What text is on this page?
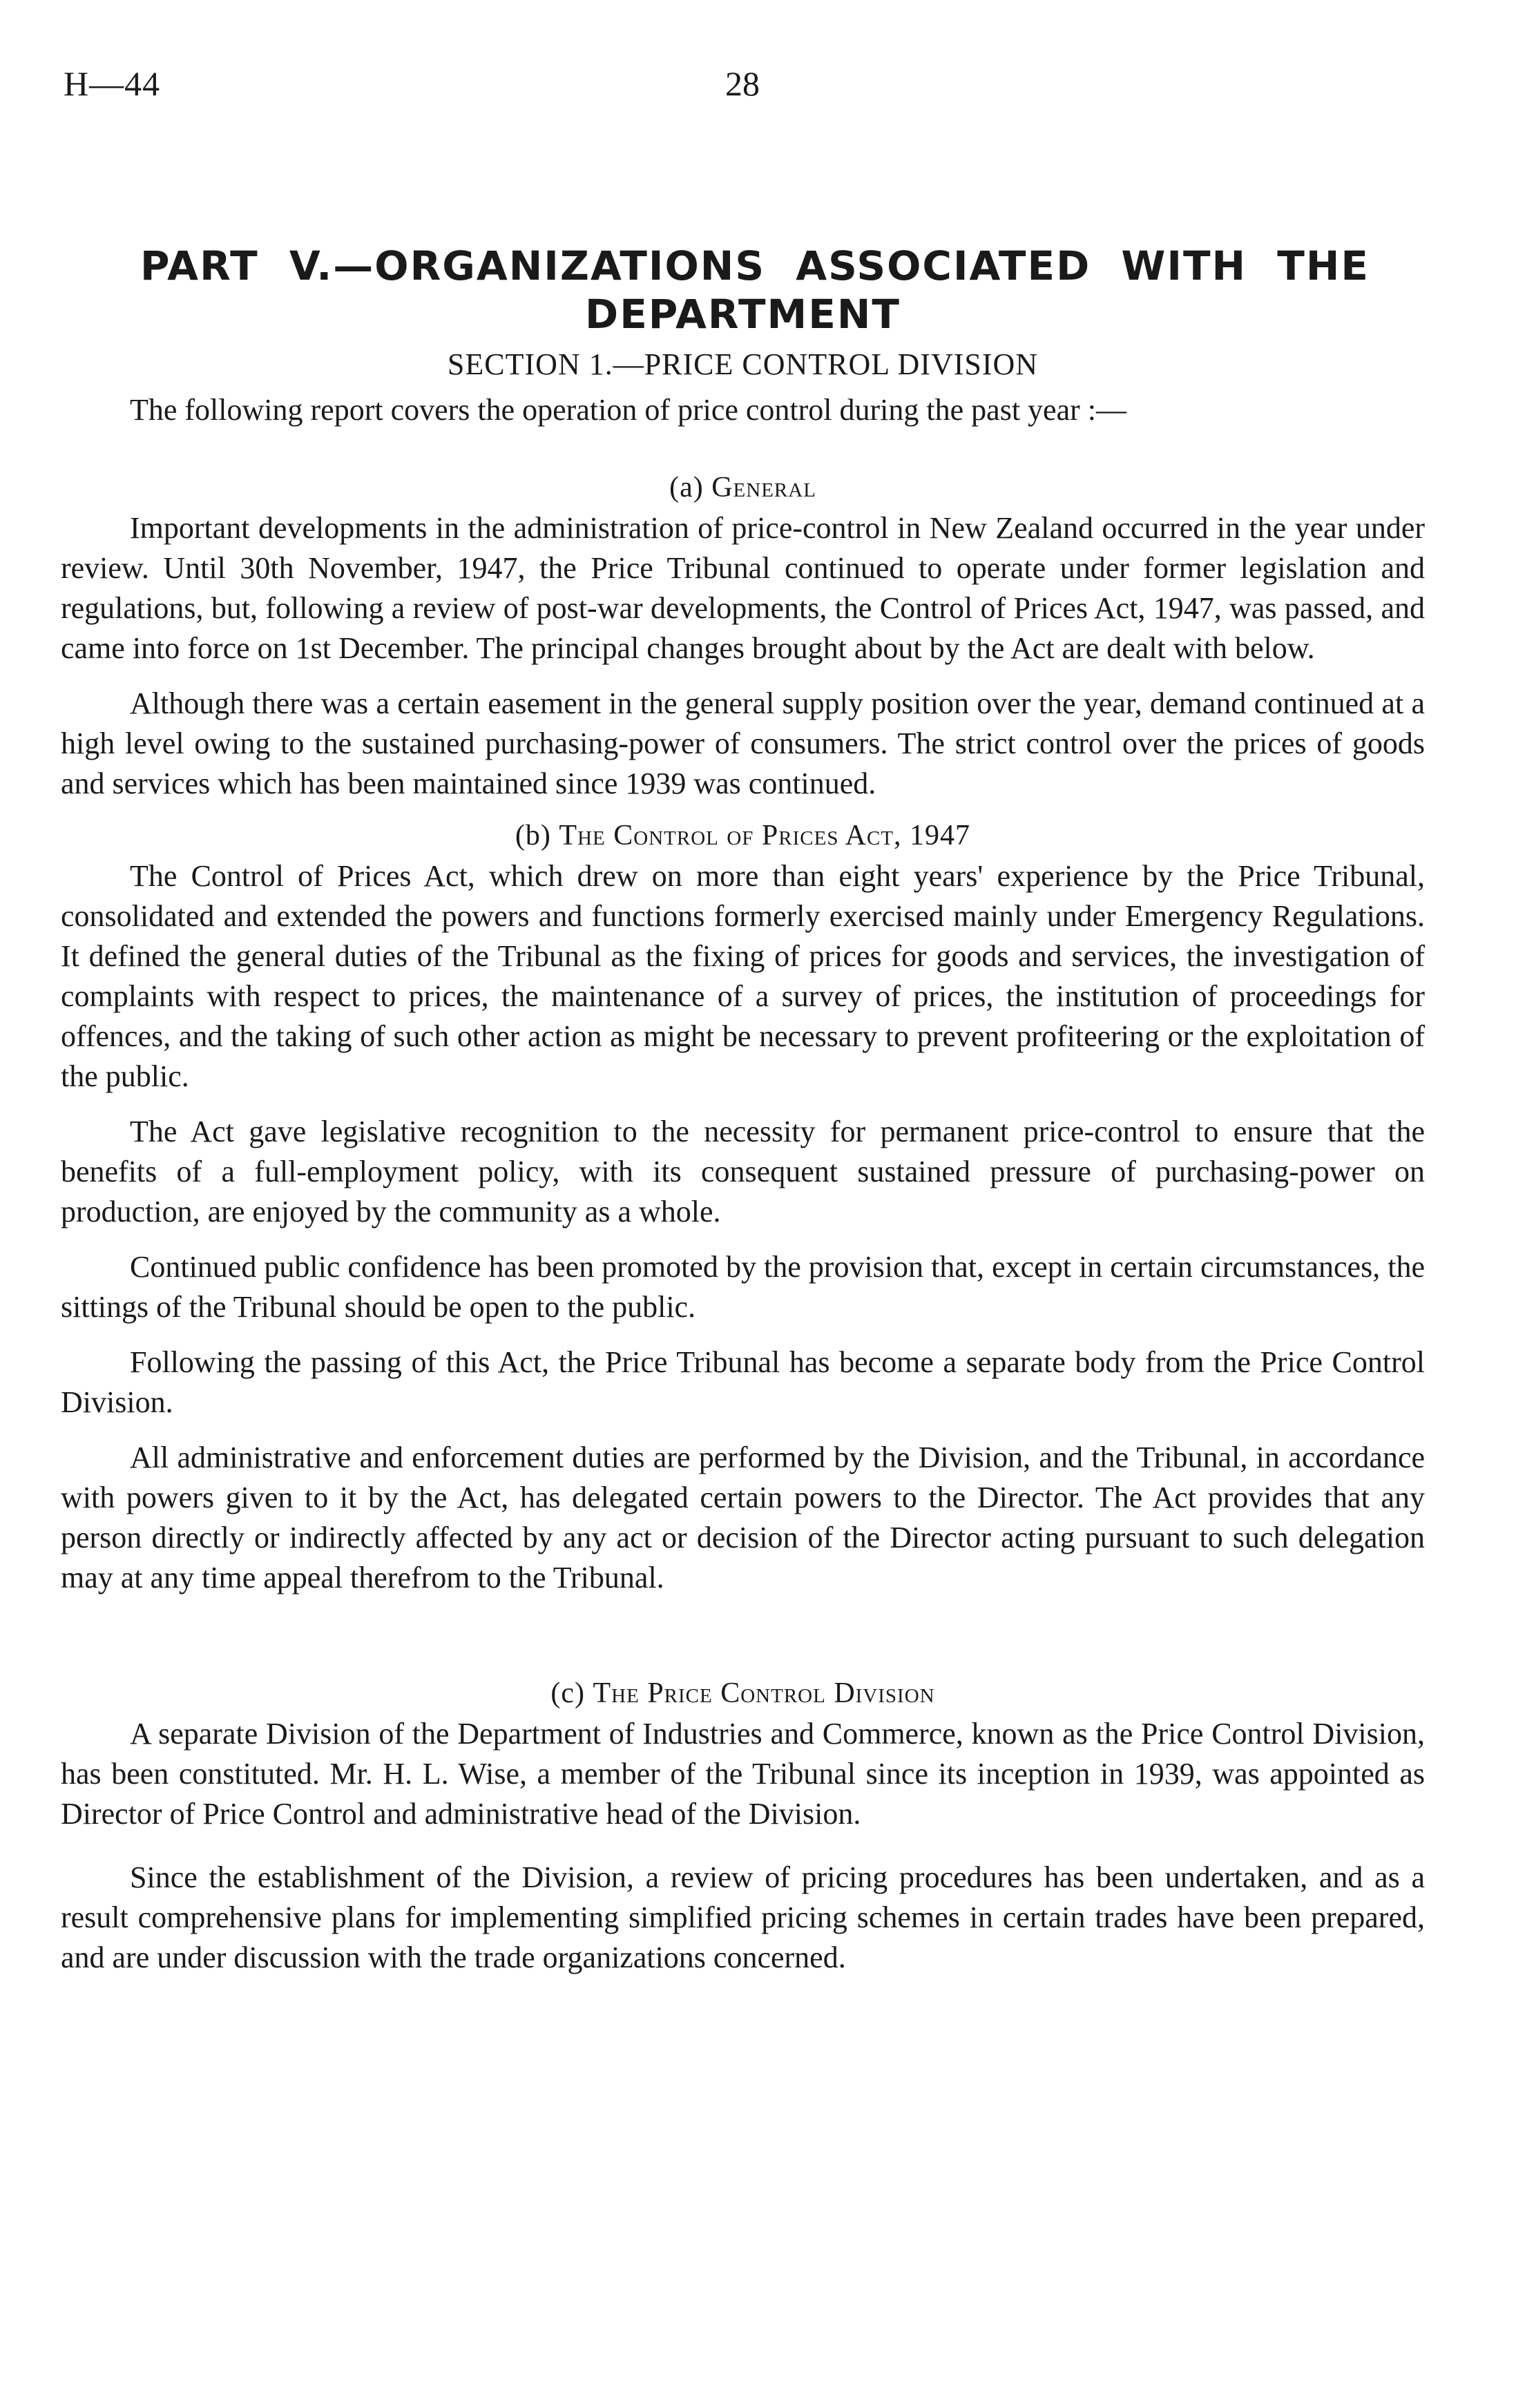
H—44	28
PART V.—ORGANIZATIONS ASSOCIATED WITH THE
DEPARTMENT
SECTION 1.—PRICE CONTROL DIVISION

The following report covers the operation of price control during the past year :—

(a) General

Important developments in the administration of price-control in New Zealand occurred in the year under review. Until 30th November, 1947, the Price Tribunal continued to operate under former legislation and regulations, but, following a review of post-war developments, the Control of Prices Act, 1947, was passed, and came into force on 1st December. The principal changes brought about by the Act are dealt with below.

Although there was a certain easement in the general supply position over the year, demand continued at a high level owing to the sustained purchasing-power of consumers. The strict control over the prices of goods and services which has been maintained since 1939 was continued.

(b) The Control of Prices Act, 1947

The Control of Prices Act, which drew on more than eight years' experience by the Price Tribunal, consolidated and extended the powers and functions formerly exercised mainly under Emergency Regulations. It defined the general duties of the Tribunal as the fixing of prices for goods and services, the investigation of complaints with respect to prices, the maintenance of a survey of prices, the institution of proceedings for offences, and the taking of such other action as might be necessary to prevent profiteering or the exploitation of the public.

The Act gave legislative recognition to the necessity for permanent price-control to ensure that the benefits of a full-employment policy, with its consequent sustained pressure of purchasing-power on production, are enjoyed by the community as a whole.

Continued public confidence has been promoted by the provision that, except in certain circumstances, the sittings of the Tribunal should be open to the public.

Following the passing of this Act, the Price Tribunal has become a separate body from the Price Control Division.

All administrative and enforcement duties are performed by the Division, and the Tribunal, in accordance with powers given to it by the Act, has delegated certain powers to the Director. The Act provides that any person directly or indirectly affected by any act or decision of the Director acting pursuant to such delegation may at any time appeal therefrom to the Tribunal.

(c) The Price Control Division

A separate Division of the Department of Industries and Commerce, known as the Price Control Division, has been constituted. Mr. H. L. Wise, a member of the Tribunal since its inception in 1939, was appointed as Director of Price Control and administrative head of the Division.

Since the establishment of the Division, a review of pricing procedures has been undertaken, and as a result comprehensive plans for implementing simplified pricing schemes in certain trades have been prepared, and are under discussion with the trade organizations concerned.
